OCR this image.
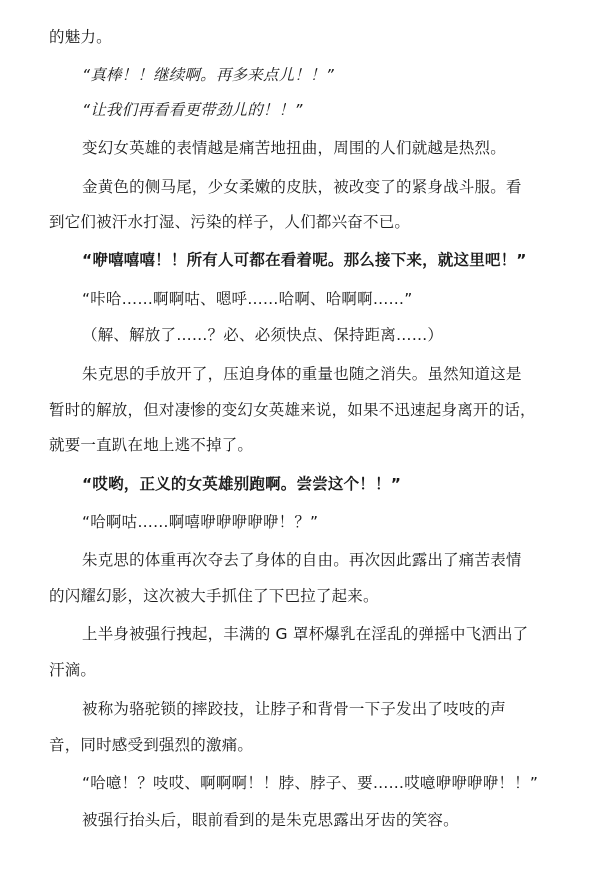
的魅力。
“真棒！！继续啊。再多来点儿！！”
“让我们再看看更带劲儿的！！”
变幻女英雄的表情越是痛苦地扭曲，周围的人们就越是热烈。
金黄色的侧马尾，少女柔嫩的皮肤，被改变了的紧身战斗服。看
到它们被汗水打湿、污染的样子，人们都兴奋不已。
“咿嘻嘻嘻！！所有人可都在看着呢。那么接下来，就这里吧！”
“咔哈……啊啊咕、嗯呼……哈啊、哈啊啊……”
（解、解放了……？必、必须快点、保持距离……）
朱克思的手放开了，压迫身体的重量也随之消失。虽然知道这是
暂时的解放，但对凄惨的变幻女英雄来说，如果不迅速起身离开的话，
就要一直趴在地上逃不掉了。
“哎哟，正义的女英雄别跑啊。尝尝这个！！”
“哈啊咕……啊嘻咿咿咿咿咿！？”
朱克思的体重再次夺去了身体的自由。再次因此露出了痛苦表情
的闪耀幻影，这次被大手抓住了下巴拉了起来。
上半身被强行拽起，丰满的 G 罩杯爆乳在淫乱的弹摇中飞洒出了
汗滴。
被称为骆驼锁的摔跤技，让脖子和背骨一下子发出了吱吱的声
音，同时感受到强烈的激痛。
“哈噫！？吱哎、啊啊啊！！脖、脖子、要……哎噫咿咿咿咿！！”
被强行抬头后，眼前看到的是朱克思露出牙齿的笑容。
